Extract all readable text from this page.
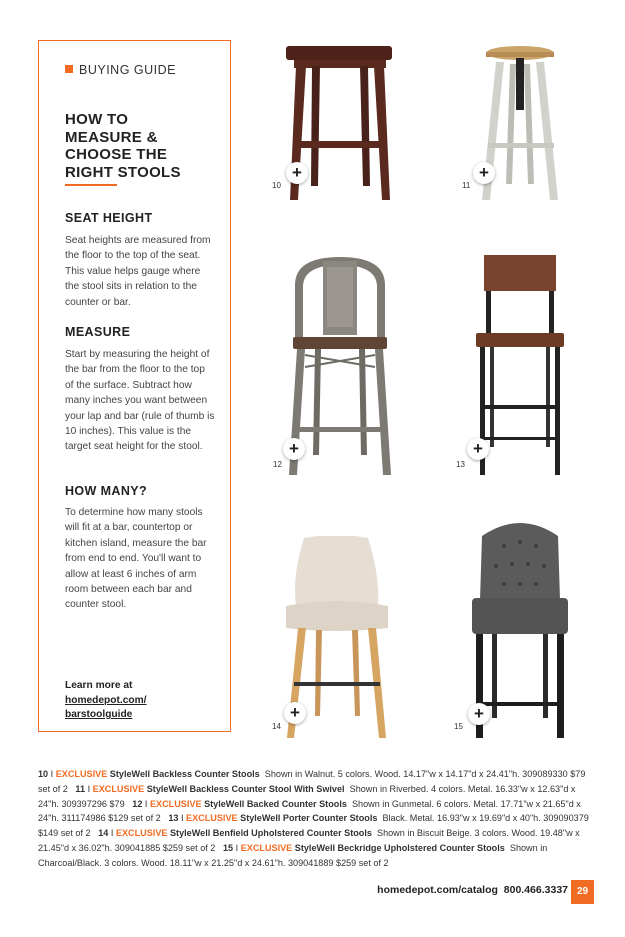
BUYING GUIDE
HOW TO
MEASURE &
CHOOSE THE
RIGHT STOOLS
SEAT HEIGHT
Seat heights are measured from the floor to the top of the seat. This value helps gauge where the stool sits in relation to the counter or bar.
MEASURE
Start by measuring the height of the bar from the floor to the top of the surface. Subtract how many inches you want between your lap and bar (rule of thumb is 10 inches). This value is the target seat height for the stool.
HOW MANY?
To determine how many stools will fit at a bar, countertop or kitchen island, measure the bar from end to end. You'll want to allow at least 6 inches of arm room between each bar and counter stool.
Learn more at
homedepot.com/
barstoolguide
+
10
+
11
+
12
+
13
+
14
+
15
10 I EXCLUSIVE StyleWell Backless Counter Stools Shown in Walnut. 5 colors. Wood. 14.17"w x 14.17"d x 24.41"h. 309089330 $79 set of 2 11 I EXCLUSIVE StyleWell Backless Counter Stool With Swivel Shown in Riverbed. 4 colors. Metal. 16.33"w x 12.63"d x 24"h. 309397296 $79 12 I EXCLUSIVE StyleWell Backed Counter Stools Shown in Gunmetal. 6 colors. Metal. 17.71"w x 21.65"d x 24"h. 311174986 $129 set of 2 13 I EXCLUSIVE StyleWell Porter Counter Stools Black. Metal. 16.93"w x 19.69"d x 40"h. 309090379 $149 set of 2 14 I EXCLUSIVE StyleWell Benfield Upholstered Counter Stools Shown in Biscuit Beige. 3 colors. Wood. 19.48"w x 21.45"d x 36.02"h. 309041885 $259 set of 2 15 I EXCLUSIVE StyleWell Beckridge Upholstered Counter Stools Shown in Charcoal/Black. 3 colors. Wood. 18.11"w x 21.25"d x 24.61"h. 309041889 $259 set of 2
homedepot.com/catalog 800.466.3337 29
